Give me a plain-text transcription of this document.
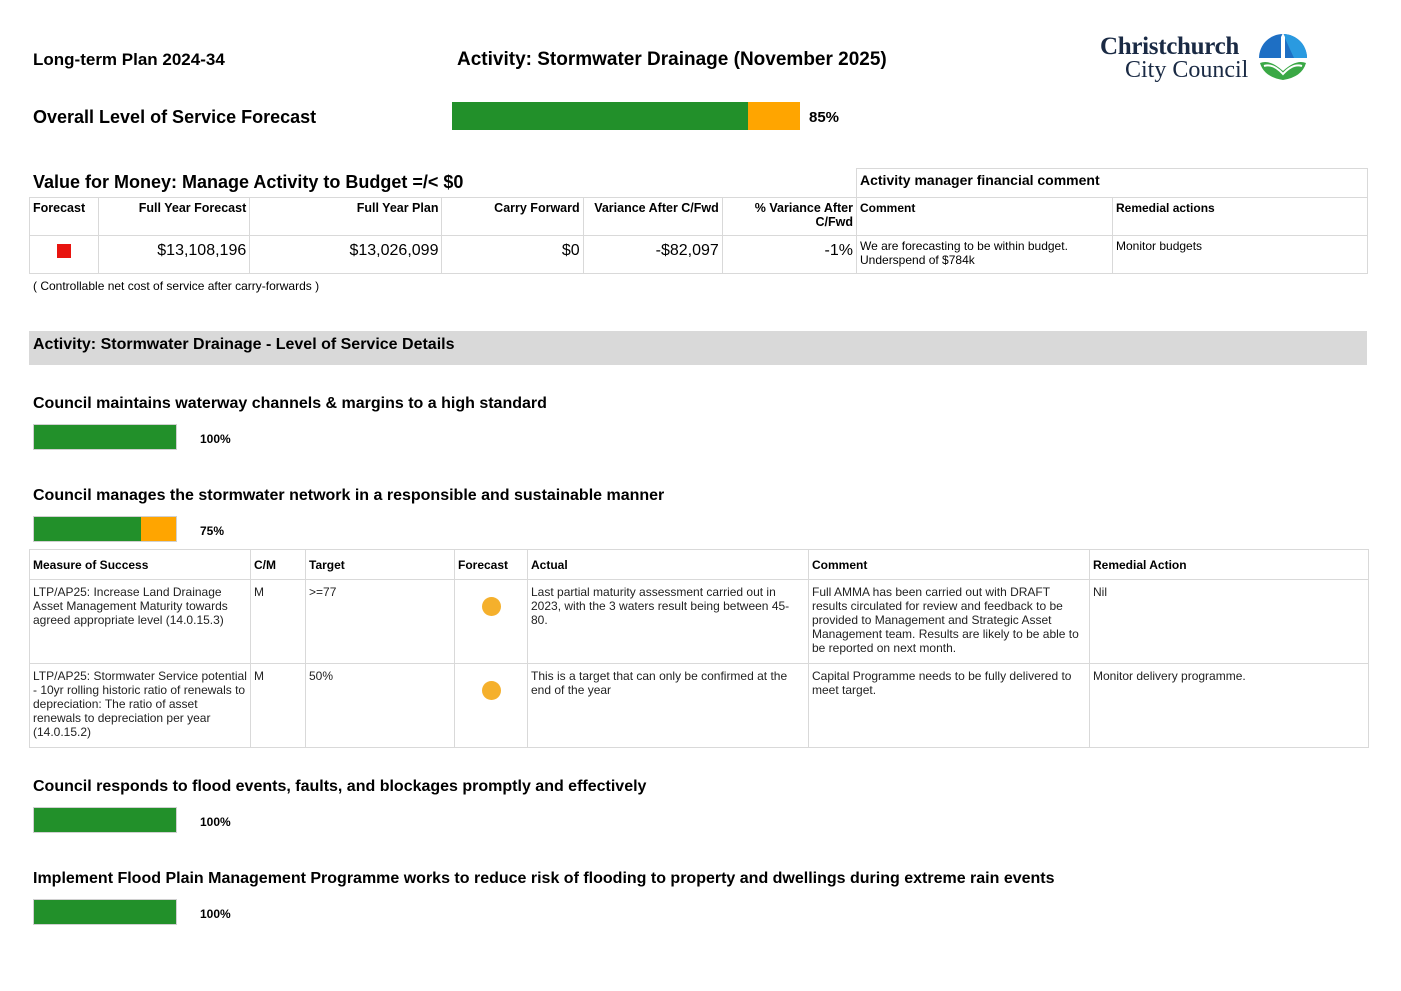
Long-term Plan 2024-34	Activity: Stormwater Drainage (November 2025)	Christchurch
City Council
Overall Level of Service Forecast	85%
Value for Money: Manage Activity to Budget =/< $0
Forecast	Full Year Forecast	Full Year Plan	Carry Forward	Variance After C/Fwd	% Variance After C/Fwd
	$13,108,196	$13,026,099	$0	-$82,097	-1%
Activity manager financial comment	
Comment	Remedial actions
We are forecasting to be within budget. Underspend of $784k	Monitor budgets
( Controllable net cost of service after carry-forwards )
Activity: Stormwater Drainage - Level of Service Details
Council maintains waterway channels & margins to a high standard
100%
Council manages the stormwater network in a responsible and sustainable manner
75%
Measure of Success	C/M	Target	Forecast	Actual	Comment	Remedial Action
LTP/AP25: Increase Land Drainage Asset Management Maturity towards agreed appropriate level (14.0.15.3)	M	>=77		Last partial maturity assessment carried out in 2023, with the 3 waters result being between 45-80.	Full AMMA has been carried out with DRAFT results circulated for review and feedback to be provided to Management and Strategic Asset Management team. Results are likely to be able to be reported on next month.	Nil
LTP/AP25: Stormwater Service potential - 10yr rolling historic ratio of renewals to depreciation: The ratio of asset renewals to depreciation per year (14.0.15.2)	M	50%		This is a target that can only be confirmed at the end of the year	Capital Programme needs to be fully delivered to meet target.	Monitor delivery programme.
Council responds to flood events, faults, and blockages promptly and effectively
100%
Implement Flood Plain Management Programme works to reduce risk of flooding to property and dwellings during extreme rain events
100%
